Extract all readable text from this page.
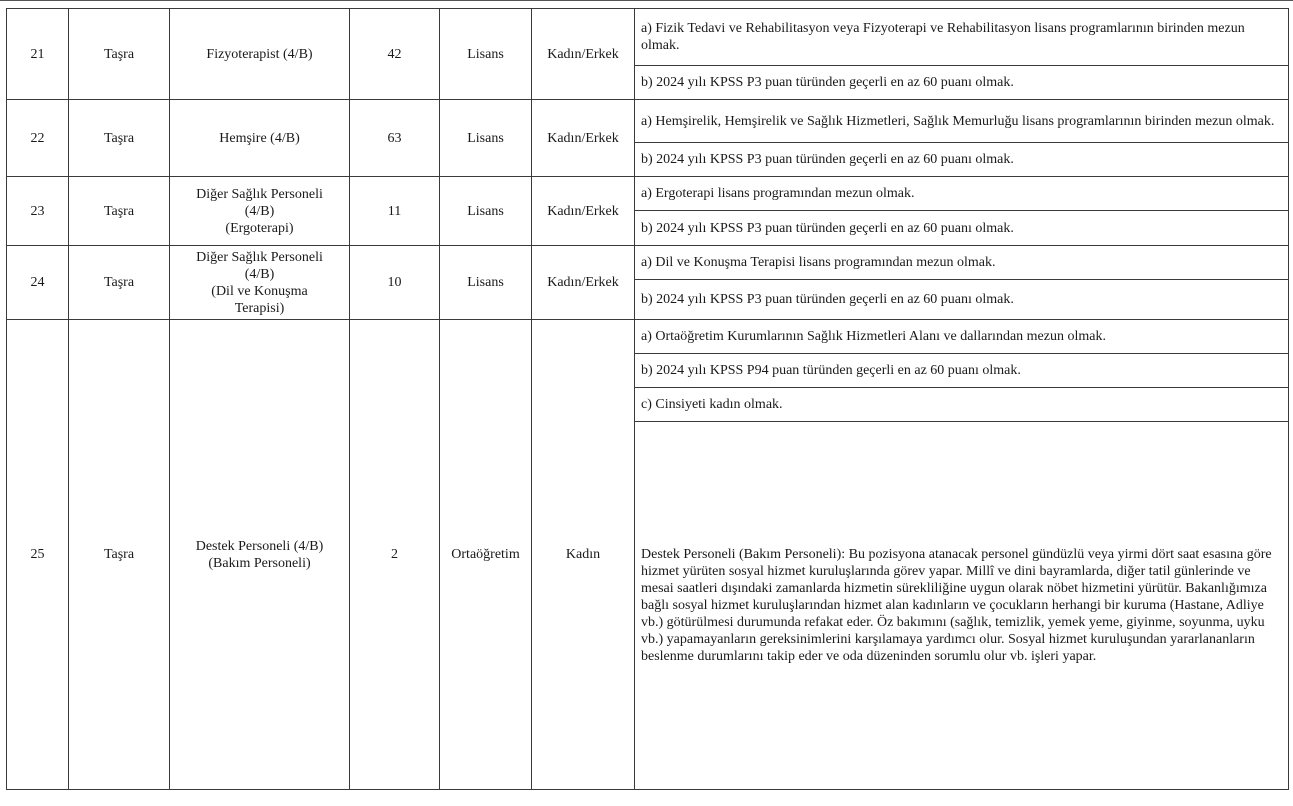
21	Taşra	Fizyoterapist (4/B)	42	Lisans	Kadın/Erkek	a) Fizik Tedavi ve Rehabilitasyon veya Fizyoterapi ve Rehabilitasyon lisans programlarının birinden mezun olmak.
						b) 2024 yılı KPSS P3 puan türünden geçerli en az 60 puanı olmak.
22	Taşra	Hemşire (4/B)	63	Lisans	Kadın/Erkek	a) Hemşirelik, Hemşirelik ve Sağlık Hizmetleri, Sağlık Memurluğu lisans programlarının birinden mezun olmak.
						b) 2024 yılı KPSS P3 puan türünden geçerli en az 60 puanı olmak.
23	Taşra	Diğer Sağlık Personeli
(4/B)
(Ergoterapi)	11	Lisans	Kadın/Erkek	a) Ergoterapi lisans programından mezun olmak.
						b) 2024 yılı KPSS P3 puan türünden geçerli en az 60 puanı olmak.
24	Taşra	Diğer Sağlık Personeli
(4/B)
(Dil ve Konuşma
Terapisi)	10	Lisans	Kadın/Erkek	a) Dil ve Konuşma Terapisi lisans programından mezun olmak.
						b) 2024 yılı KPSS P3 puan türünden geçerli en az 60 puanı olmak.
25	Taşra	Destek Personeli (4/B)
(Bakım Personeli)	2	Ortaöğretim	Kadın	a) Ortaöğretim Kurumlarının Sağlık Hizmetleri Alanı ve dallarından mezun olmak.
						b) 2024 yılı KPSS P94 puan türünden geçerli en az 60 puanı olmak.
						c) Cinsiyeti kadın olmak.
						Destek Personeli (Bakım Personeli): Bu pozisyona atanacak personel gündüzlü veya yirmi dört saat esasına göre hizmet yürüten sosyal hizmet kuruluşlarında görev yapar. Millî ve dini bayramlarda, diğer tatil günlerinde ve mesai saatleri dışındaki zamanlarda hizmetin sürekliliğine uygun olarak nöbet hizmetini yürütür. Bakanlığımıza bağlı sosyal hizmet kuruluşlarından hizmet alan kadınların ve çocukların herhangi bir kuruma (Hastane, Adliye vb.) götürülmesi durumunda refakat eder. Öz bakımını (sağlık, temizlik, yemek yeme, giyinme, soyunma, uyku vb.) yapamayanların gereksinimlerini karşılamaya yardımcı olur. Sosyal hizmet kuruluşundan yararlananların beslenme durumlarını takip eder ve oda düzeninden sorumlu olur vb. işleri yapar.
